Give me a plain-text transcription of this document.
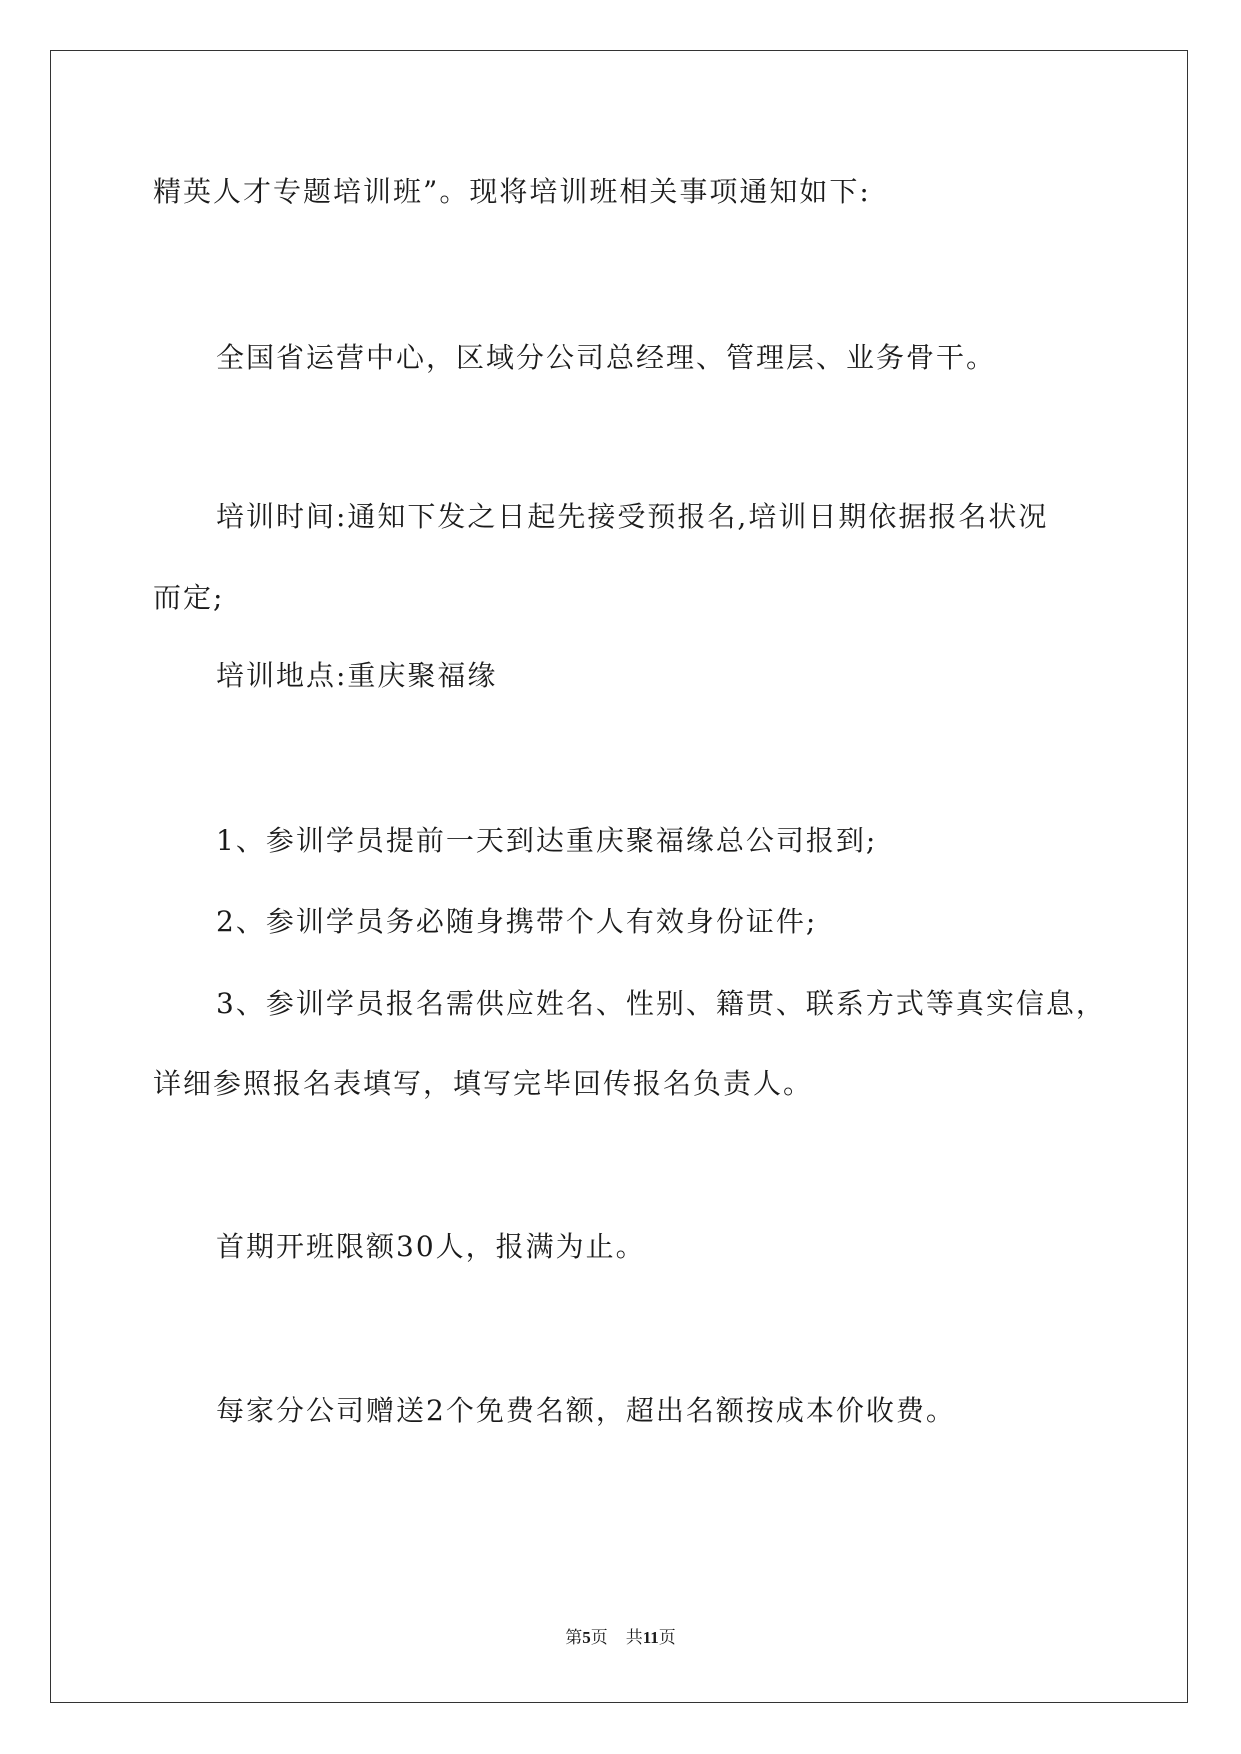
精英人才专题培训班”。现将培训班相关事项通知如下:
全国省运营中心，区域分公司总经理、管理层、业务骨干。
培训时间:通知下发之日起先接受预报名,培训日期依据报名状况
而定;
培训地点:重庆聚福缘
1、参训学员提前一天到达重庆聚福缘总公司报到;
2、参训学员务必随身携带个人有效身份证件;
3、参训学员报名需供应姓名、性别、籍贯、联系方式等真实信息，
详细参照报名表填写，填写完毕回传报名负责人。
首期开班限额30人，报满为止。
每家分公司赠送2个免费名额，超出名额按成本价收费。
第5页 共11页
